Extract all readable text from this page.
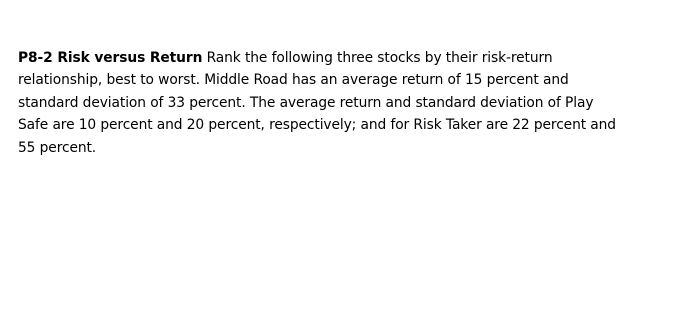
P8-2 Risk versus Return Rank the following three stocks by their risk-return
relationship, best to worst. Middle Road has an average return of 15 percent and
standard deviation of 33 percent. The average return and standard deviation of Play
Safe are 10 percent and 20 percent, respectively; and for Risk Taker are 22 percent and
55 percent.
